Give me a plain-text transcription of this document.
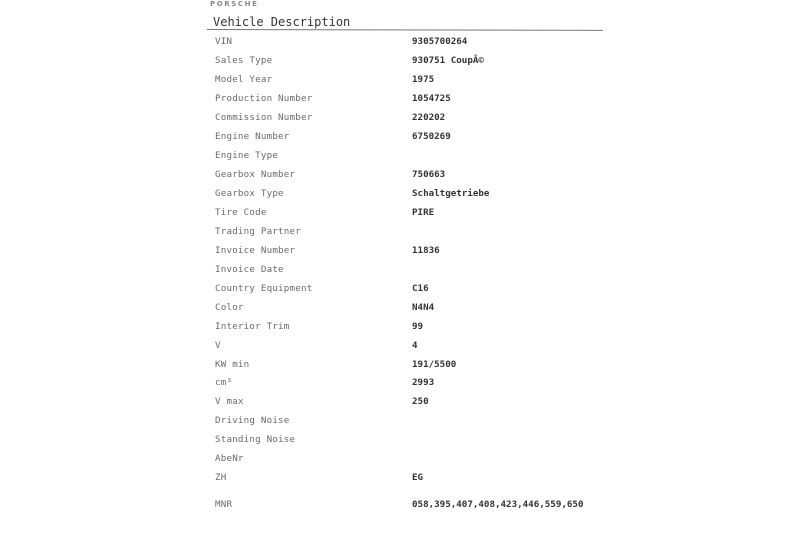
PORSCHE
Vehicle Description
VIN	9305700264
Sales Type	930751 CoupÃ©
Model Year	1975
Production Number	1054725
Commission Number	220202
Engine Number	6750269
Engine Type
Gearbox Number	750663
Gearbox Type	Schaltgetriebe
Tire Code	PIRE
Trading Partner
Invoice Number	11836
Invoice Date
Country Equipment	C16
Color	N4N4
Interior Trim	99
V	4
KW min	191/5500
cm³	2993
V max	250
Driving Noise
Standing Noise
AbeNr
ZH	EG
MNR	058,395,407,408,423,446,559,650
